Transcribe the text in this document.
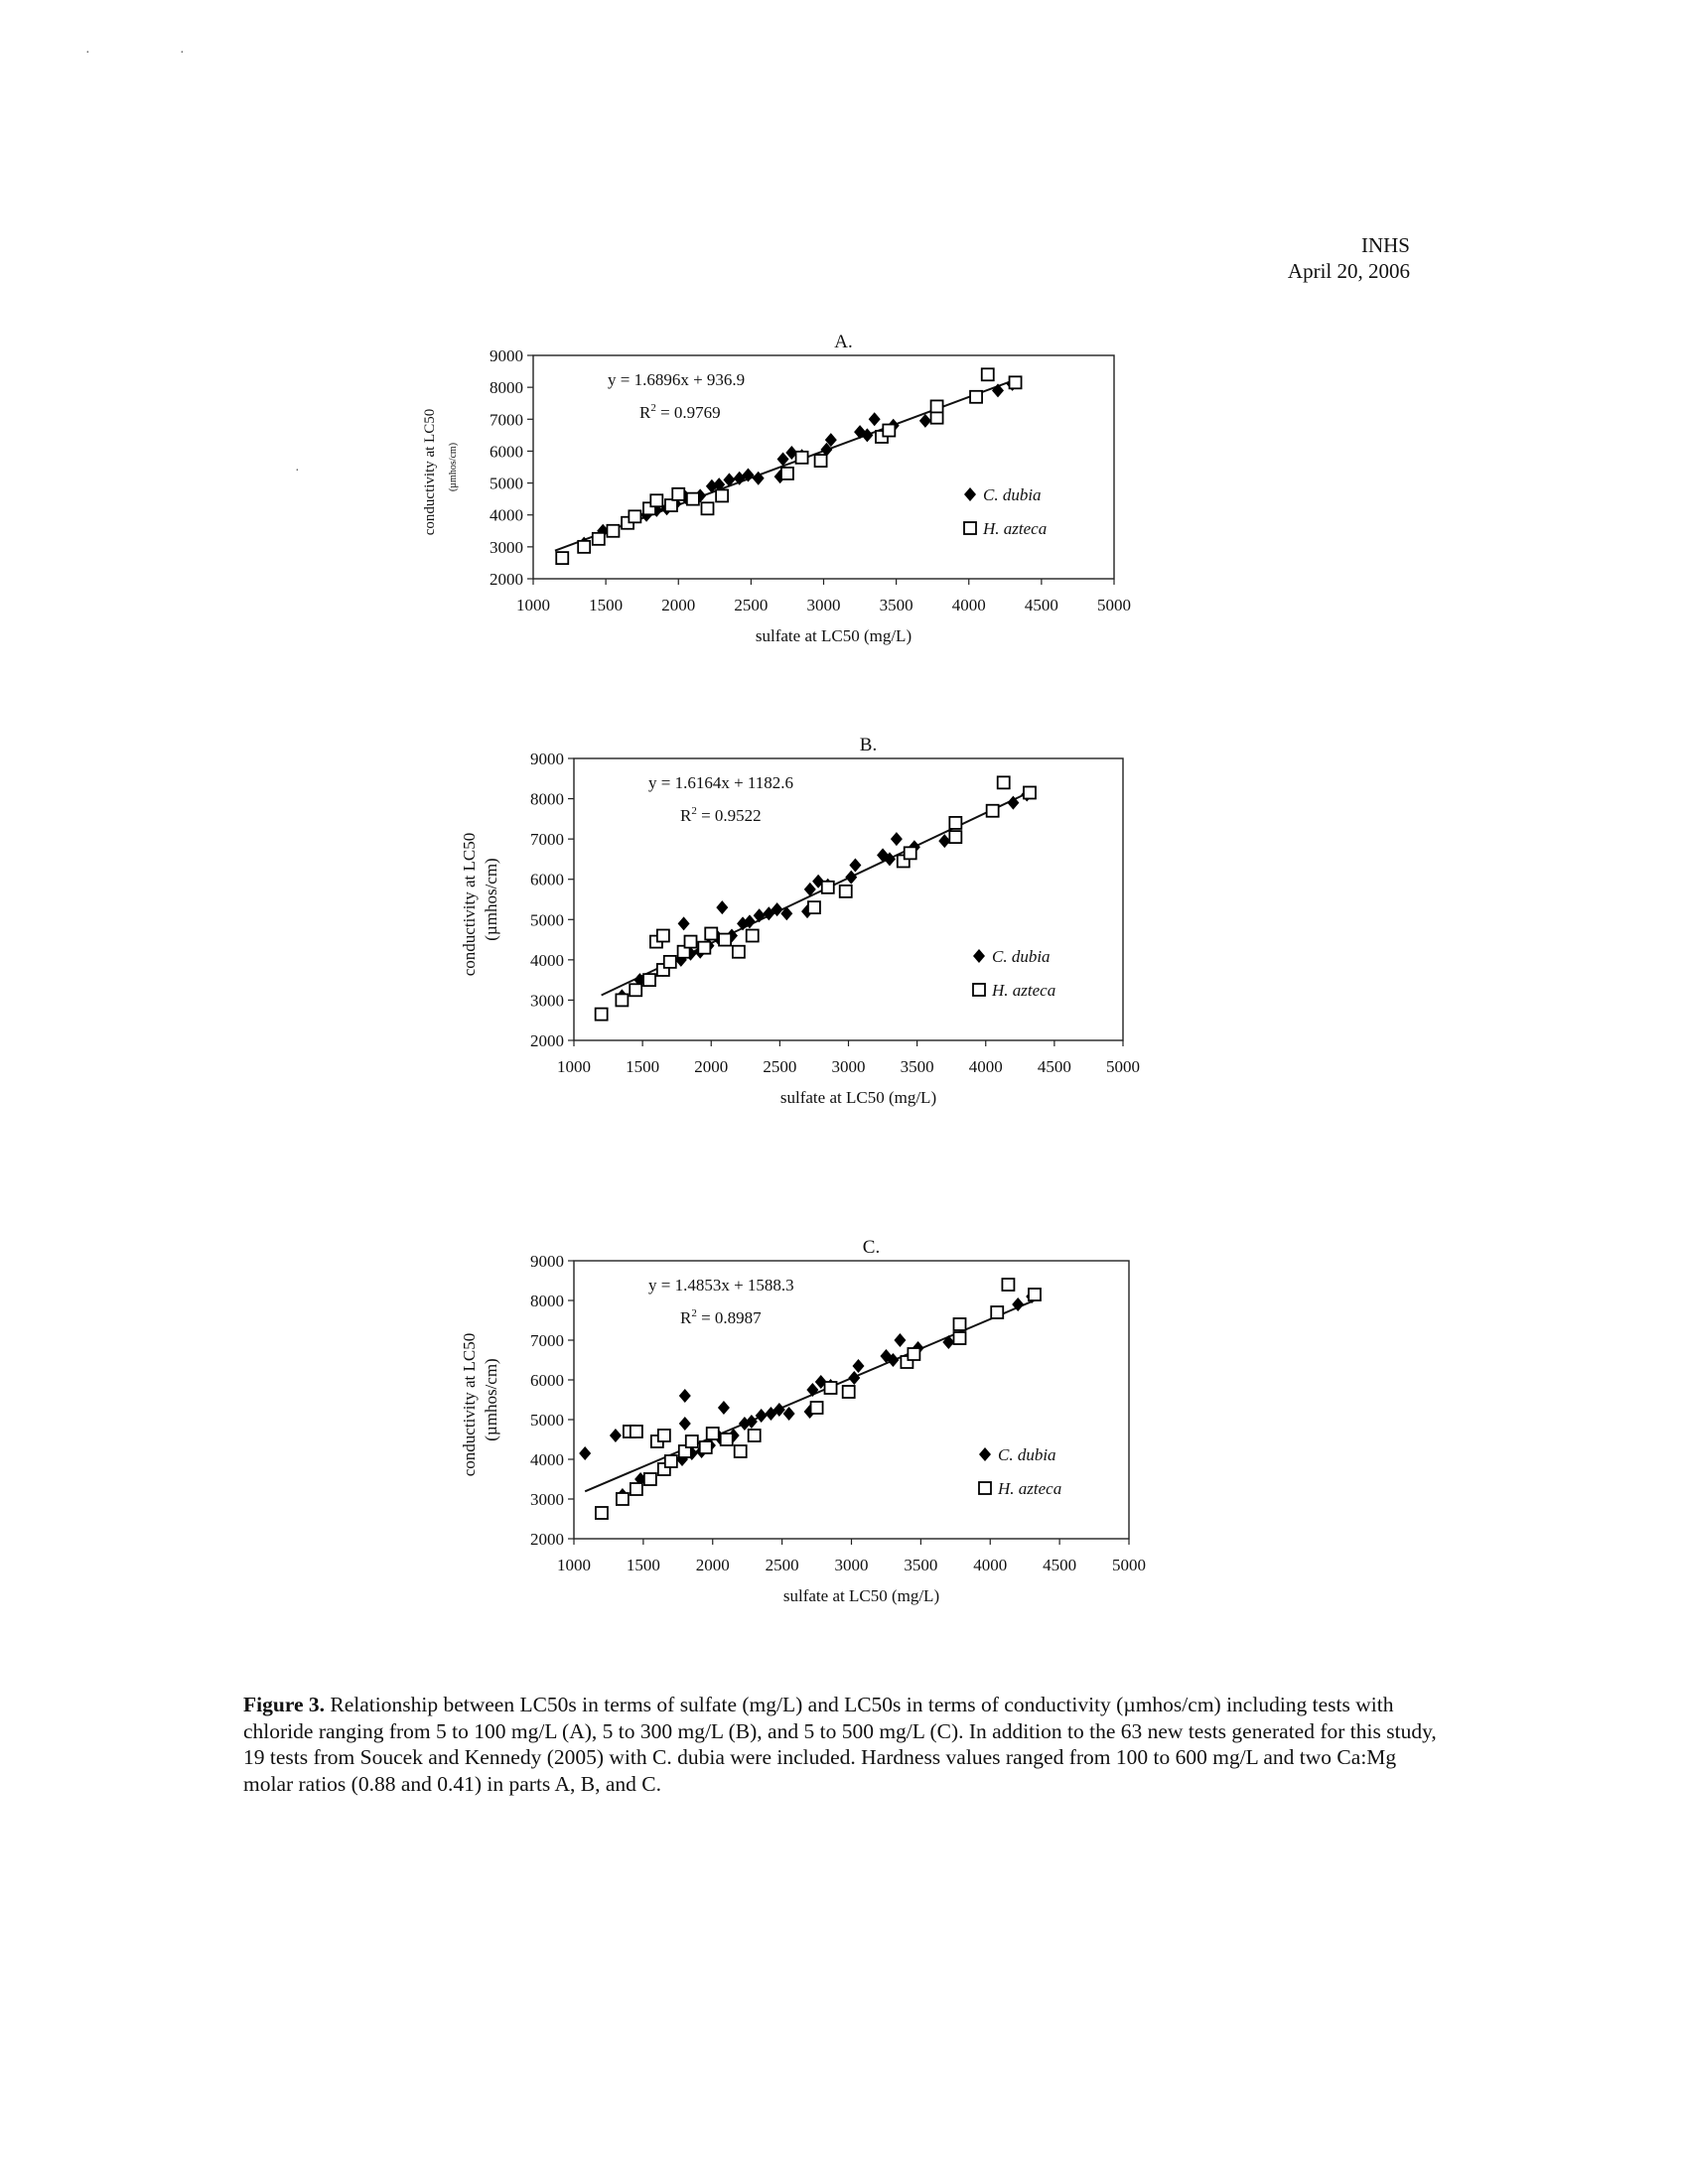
·	·
·
INHS
April 20, 2006
A.
1000 1500 2000 2500 3000 3500 4000 4500 5000
2000
3000
4000
5000
6000
7000
8000
9000
sulfate at LC50 (mg/L)
conductivity at LC50 (µmhos/cm)
y = 1.6896x + 936.9
$R^2 = 0.9769$
C. dubia
H. azteca
B.
1000 1500 2000 2500 3000 3500 4000 4500 5000
2000
3000
4000
5000
6000
7000
8000
9000
sulfate at LC50 (mg/L)
conductivity at LC50 (µmhos/cm)
y = 1.6164x + 1182.6
$R^2 = 0.9522$
C. dubia
H. azteca
C.
1000 1500 2000 2500 3000 3500 4000 4500 5000
2000
3000
4000
5000
6000
7000
8000
9000
sulfate at LC50 (mg/L)
conductivity at LC50 (µmhos/cm)
y = 1.4853x + 1588.3
$R^2 = 0.8987$
C. dubia
H. azteca
Figure 3. Relationship between LC50s in terms of sulfate (mg/L) and LC50s in terms of conductivity (µmhos/cm) including tests with chloride ranging from 5 to 100 mg/L (A), 5 to 300 mg/L (B), and 5 to 500 mg/L (C). In addition to the 63 new tests generated for this study, 19 tests from Soucek and Kennedy (2005) with C. dubia were included. Hardness values ranged from 100 to 600 mg/L and two Ca:Mg molar ratios (0.88 and 0.41) in parts A, B, and C.
